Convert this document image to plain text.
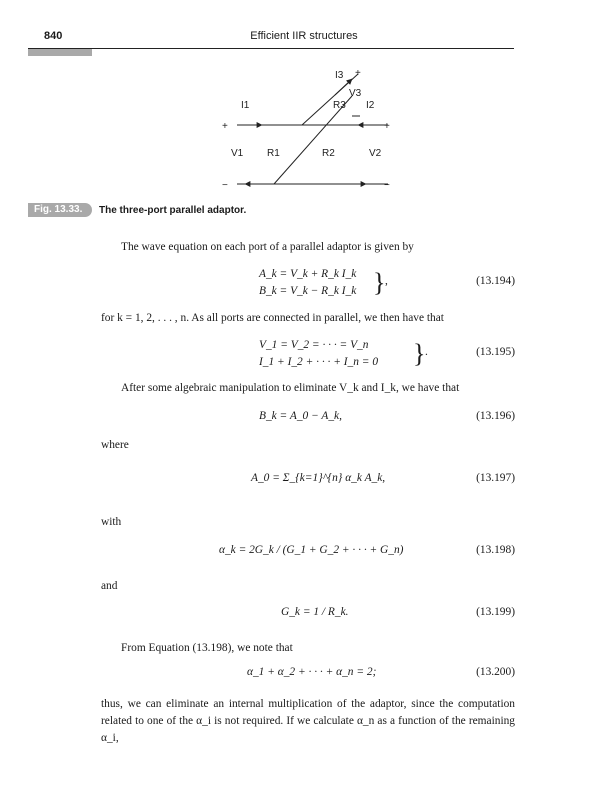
840	Efficient IIR structures
I3 +
V3
I1	R3 I2
+	+
V1 R1	R2	V2
−	−
Fig. 13.33.	The three-port parallel adaptor.
The wave equation on each port of a parallel adaptor is given by
A_k = V_k + R_k I_k
B_k = V_k − R_k I_k } ,	(13.194)
for k = 1, 2, . . . , n. As all ports are connected in parallel, we then have that
V_1 = V_2 = · · · = V_n
I_1 + I_2 + · · · + I_n = 0 } .	(13.195)
After some algebraic manipulation to eliminate V_k and I_k, we have that
B_k = A_0 − A_k,	(13.196)
where
A_0 = Σ_{k=1}^{n} α_k A_k,	(13.197)
with
α_k = 2G_k / (G_1 + G_2 + · · · + G_n)	(13.198)
and
G_k = 1 / R_k.	(13.199)
From Equation (13.198), we note that
α_1 + α_2 + · · · + α_n = 2;	(13.200)
thus, we can eliminate an internal multiplication of the adaptor, since the computation related to one of the α_i is not required. If we calculate α_n as a function of the remaining α_i,
